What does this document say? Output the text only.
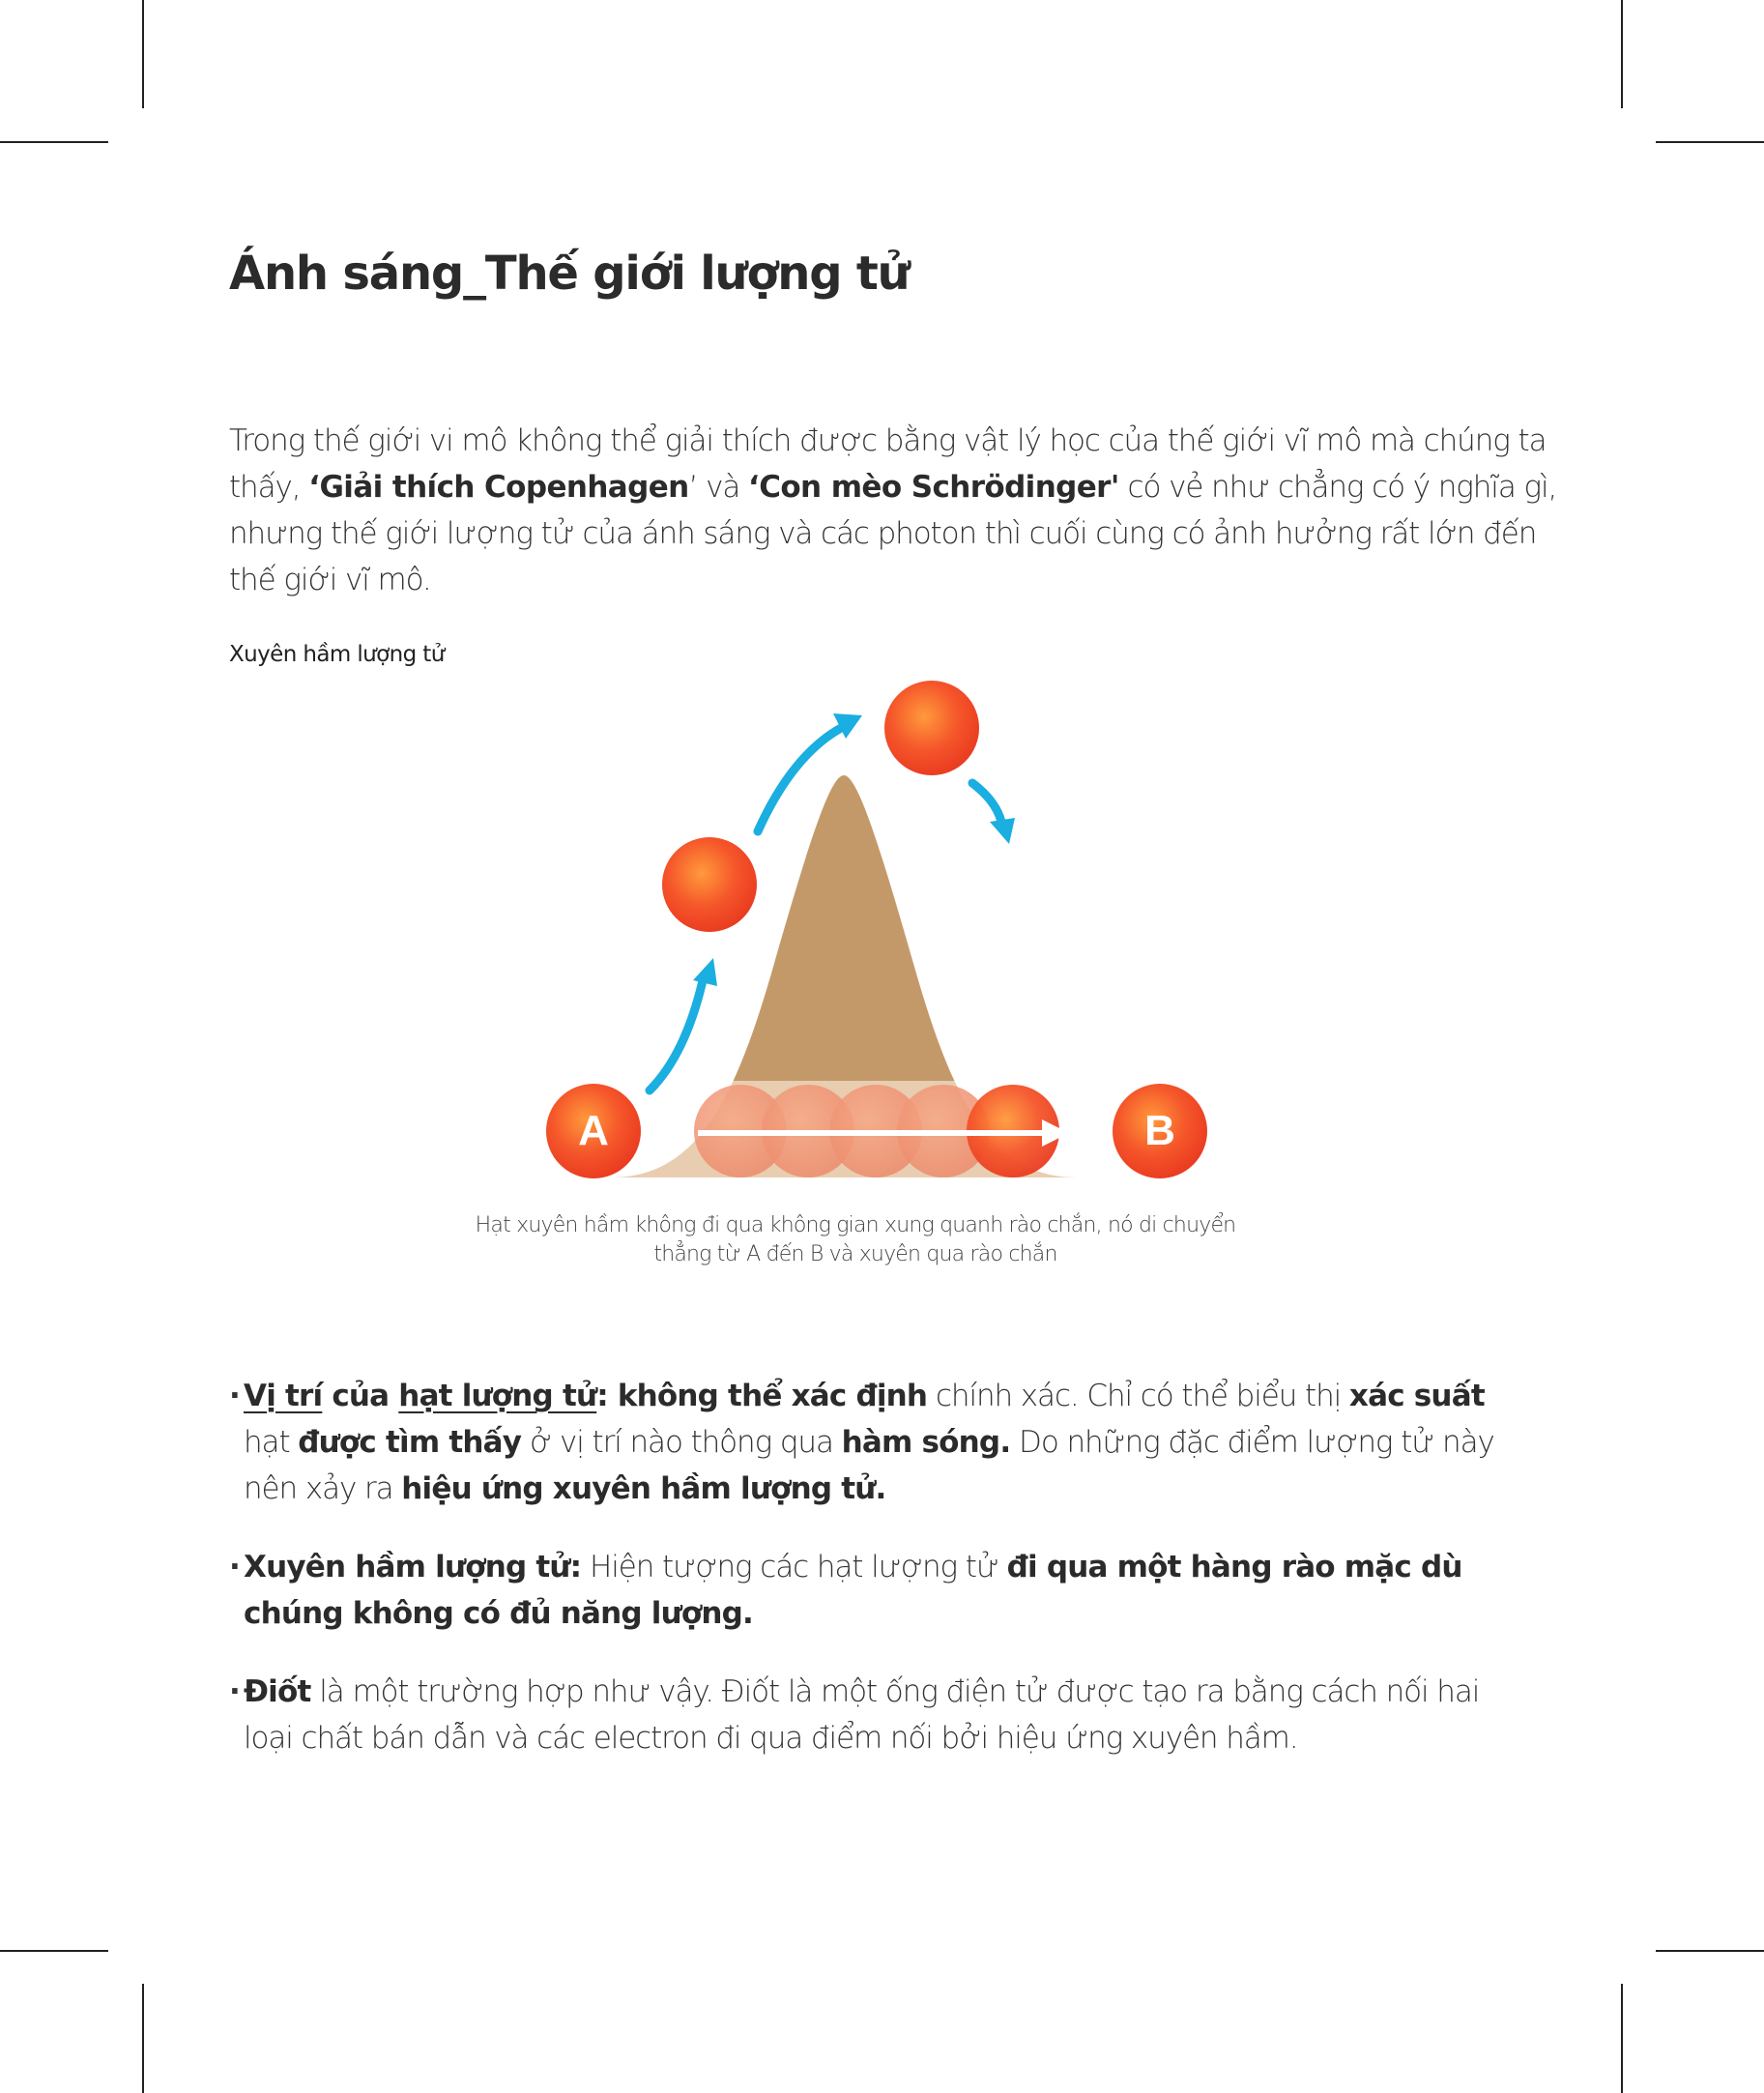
Ánh sáng_Thế giới lượng tử

Trong thế giới vi mô không thể giải thích được bằng vật lý học của thế giới vĩ mô mà chúng ta thấy, ‘Giải thích Copenhagen’ và ‘Con mèo Schrödinger' có vẻ như chẳng có ý nghĩa gì, nhưng thế giới lượng tử của ánh sáng và các photon thì cuối cùng có ảnh hưởng rất lớn đến thế giới vĩ mô.

Xuyên hầm lượng tử

A	B

Hạt xuyên hầm không đi qua không gian xung quanh rào chắn, nó di chuyển
thẳng từ A đến B và xuyên qua rào chắn

· Vị trí của hạt lượng tử: không thể xác định chính xác. Chỉ có thể biểu thị xác suất hạt được tìm thấy ở vị trí nào thông qua hàm sóng. Do những đặc điểm lượng tử này nên xảy ra hiệu ứng xuyên hầm lượng tử.
· Xuyên hầm lượng tử: Hiện tượng các hạt lượng tử đi qua một hàng rào mặc dù chúng không có đủ năng lượng.
· Điốt là một trường hợp như vậy. Điốt là một ống điện tử được tạo ra bằng cách nối hai loại chất bán dẫn và các electron đi qua điểm nối bởi hiệu ứng xuyên hầm.
